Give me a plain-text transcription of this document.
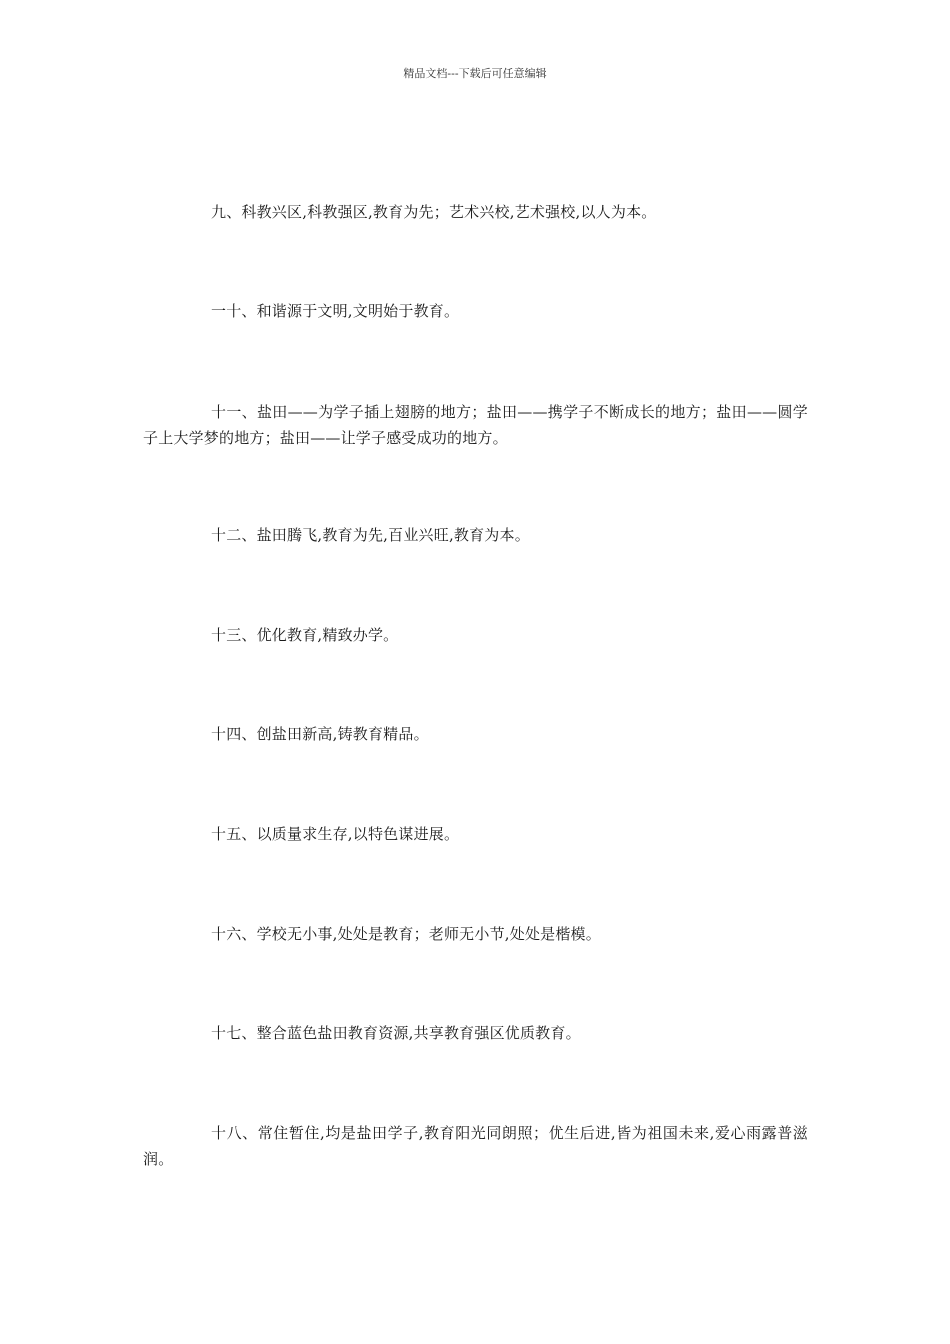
精品文档---下载后可任意编辑

九、科教兴区,科教强区,教育为先；艺术兴校,艺术强校,以人为本。

一十、和谐源于文明,文明始于教育。

十一、盐田——为学子插上翅膀的地方；盐田——携学子不断成长的地方；盐田——圆学子上大学梦的地方；盐田——让学子感受成功的地方。

十二、盐田腾飞,教育为先,百业兴旺,教育为本。

十三、优化教育,精致办学。

十四、创盐田新高,铸教育精品。

十五、以质量求生存,以特色谋进展。

十六、学校无小事,处处是教育；老师无小节,处处是楷模。

十七、整合蓝色盐田教育资源,共享教育强区优质教育。

十八、常住暂住,均是盐田学子,教育阳光同朗照；优生后进,皆为祖国未来,爱心雨露普滋润。
